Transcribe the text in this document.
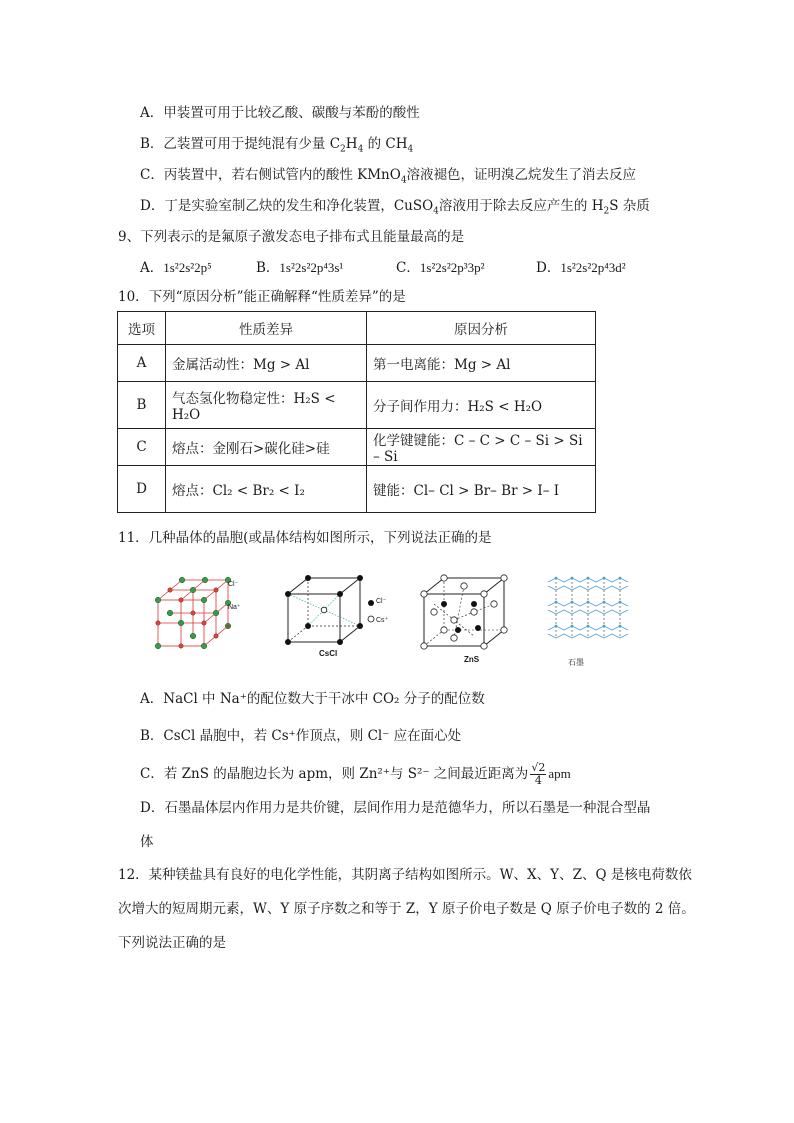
A．甲装置可用于比较乙酸、碳酸与苯酚的酸性
B．乙装置可用于提纯混有少量 $C_2H_4$ 的 $CH_4$
C．丙装置中，若右侧试管内的酸性 KMnO$_4$溶液褪色，证明溴乙烷发生了消去反应
D．丁是实验室制乙炔的发生和净化装置，CuSO$_4$溶液用于除去反应产生的 $H_2S$ 杂质
9、下列表示的是氟原子激发态电子排布式且能量最高的是
A．1s²2s²2p⁵	B．1s²2s²2p⁴3s¹	C．1s²2s²2p³3p²	D．1s²2s²2p⁴3d²
10．下列“原因分析”能正确解释“性质差异”的是
选项	性质差异	原因分析
A	金属活动性：Mg > Al	第一电离能：Mg > Al
B	气态氢化物稳定性：H₂S < H₂O	分子间作用力：H₂S < H₂O
C	熔点：金刚石>碳化硅>硅	化学键键能：C – C > C – Si > Si – Si
D	熔点：Cl₂ < Br₂ < I₂	键能：Cl– Cl > Br– Br > I– I
11．几种晶体的晶胞(或晶体结构如图所示，下列说法正确的是
Cl⁻
Na⁺
Cl⁻
Cs⁺
CsCl
ZnS	石墨
A．NaCl 中 Na⁺的配位数大于干冰中 CO₂ 分子的配位数
B．CsCl 晶胞中，若 Cs⁺作顶点，则 Cl⁻ 应在面心处
C．若 ZnS 的晶胞边长为 apm，则 Zn²⁺与 S²⁻ 之间最近距离为 $\frac{√2}{4}$ apm
D．石墨晶体层内作用力是共价键，层间作用力是范德华力，所以石墨是一种混合型晶
体
12．某种镁盐具有良好的电化学性能，其阴离子结构如图所示。W、X、Y、Z、Q 是核电荷数依次增大的短周期元素，W、Y 原子序数之和等于 Z，Y 原子价电子数是 Q 原子价电子数的 2 倍。下列说法正确的是
